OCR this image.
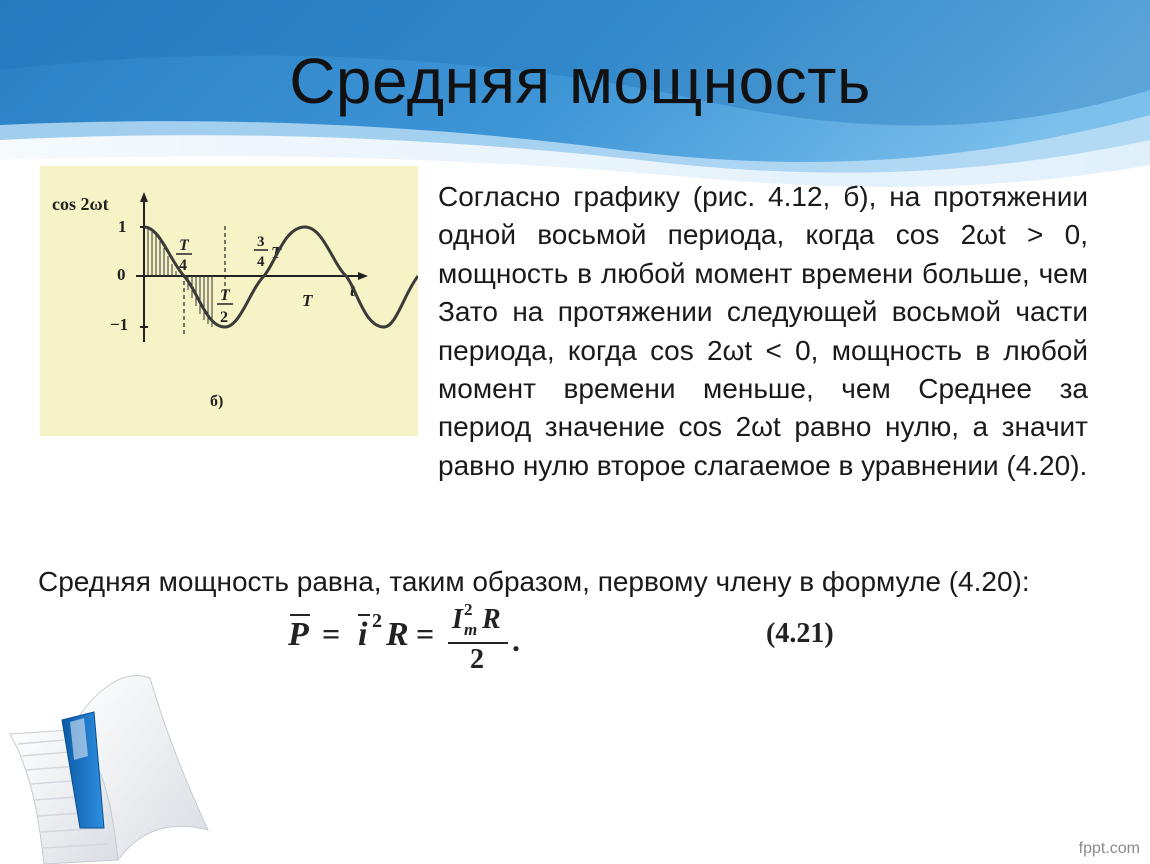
Средняя мощность
cos 2ωt
1
0
−1
t
T
4
T
2
3
4 T
T
б)
Согласно графику (рис. 4.12, б), на протяжении одной восьмой периода, когда cos 2ωt > 0, мощность в любой момент времени больше, чем Зато на протяжении следующей восьмой части периода, когда cos 2ωt < 0, мощность в любой момент времени меньше, чем Среднее за период значение cos 2ωt равно нулю, а значит равно нулю второе слагаемое в уравнении (4.20).
Средняя мощность равна, таким образом, первому члену в формуле (4.20):
P = i 2 R = I 2
m R
2
.	(4.21)
fppt.com
